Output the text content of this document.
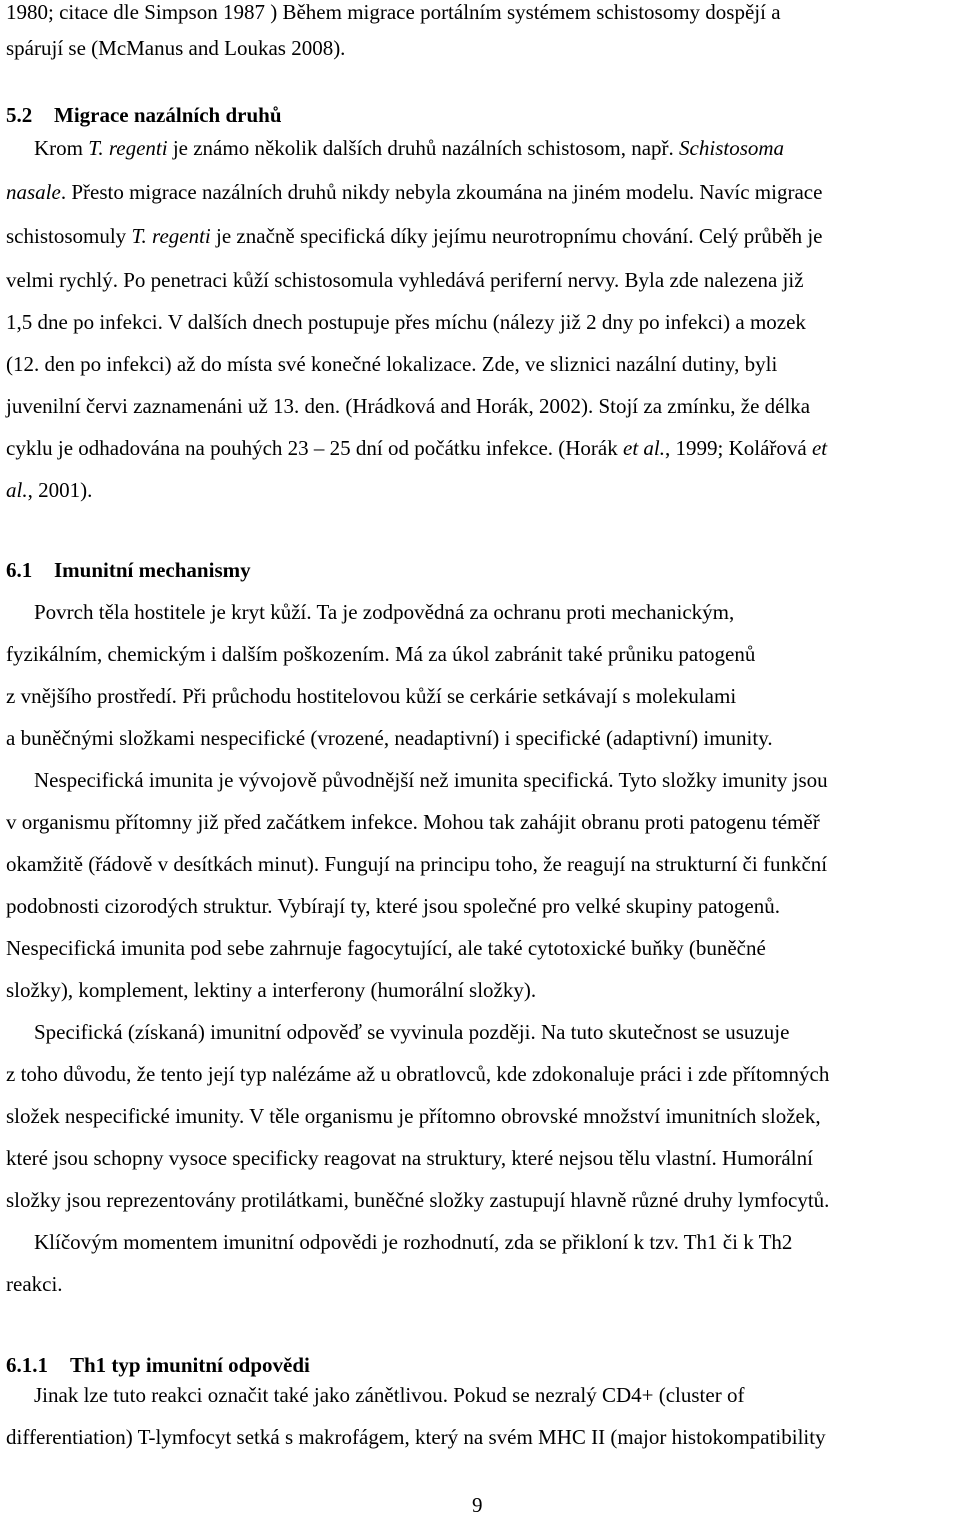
1980; citace dle Simpson 1987 ) Během migrace portálním systémem schistosomy dospějí a
spárují se (McManus and Loukas 2008).
5.2 Migrace nazálních druhů
Krom T. regenti je známo několik dalších druhů nazálních schistosom, např. Schistosoma
nasale. Přesto migrace nazálních druhů nikdy nebyla zkoumána na jiném modelu. Navíc migrace
schistosomuly T. regenti je značně specifická díky jejímu neurotropnímu chování. Celý průběh je
velmi rychlý. Po penetraci kůží schistosomula vyhledává periferní nervy. Byla zde nalezena již
1,5 dne po infekci. V dalších dnech postupuje přes míchu (nálezy již 2 dny po infekci) a mozek
(12. den po infekci) až do místa své konečné lokalizace. Zde, ve sliznici nazální dutiny, byli
juvenilní červi zaznamenáni už 13. den. (Hrádková and Horák, 2002). Stojí za zmínku, že délka
cyklu je odhadována na pouhých 23 – 25 dní od počátku infekce. (Horák et al., 1999; Kolářová et
al., 2001).
6.1 Imunitní mechanismy
Povrch těla hostitele je kryt kůží. Ta je zodpovědná za ochranu proti mechanickým,
fyzikálním, chemickým i dalším poškozením. Má za úkol zabránit také průniku patogenů
z vnějšího prostředí. Při průchodu hostitelovou kůží se cerkárie setkávají s molekulami
a buněčnými složkami nespecifické (vrozené, neadaptivní) i specifické (adaptivní) imunity.
Nespecifická imunita je vývojově původnější než imunita specifická. Tyto složky imunity jsou
v organismu přítomny již před začátkem infekce. Mohou tak zahájit obranu proti patogenu téměř
okamžitě (řádově v desítkách minut). Fungují na principu toho, že reagují na strukturní či funkční
podobnosti cizorodých struktur. Vybírají ty, které jsou společné pro velké skupiny patogenů.
Nespecifická imunita pod sebe zahrnuje fagocytující, ale také cytotoxické buňky (buněčné
složky), komplement, lektiny a interferony (humorální složky).
Specifická (získaná) imunitní odpověď se vyvinula později. Na tuto skutečnost se usuzuje
z toho důvodu, že tento její typ nalézáme až u obratlovců, kde zdokonaluje práci i zde přítomných
složek nespecifické imunity. V těle organismu je přítomno obrovské množství imunitních složek,
které jsou schopny vysoce specificky reagovat na struktury, které nejsou tělu vlastní. Humorální
složky jsou reprezentovány protilátkami, buněčné složky zastupují hlavně různé druhy lymfocytů.
Klíčovým momentem imunitní odpovědi je rozhodnutí, zda se přikloní k tzv. Th1 či k Th2
reakci.
6.1.1 Th1 typ imunitní odpovědi
Jinak lze tuto reakci označit také jako zánětlivou. Pokud se nezralý CD4+ (cluster of
differentiation) T-lymfocyt setká s makrofágem, který na svém MHC II (major histokompatibility
9
